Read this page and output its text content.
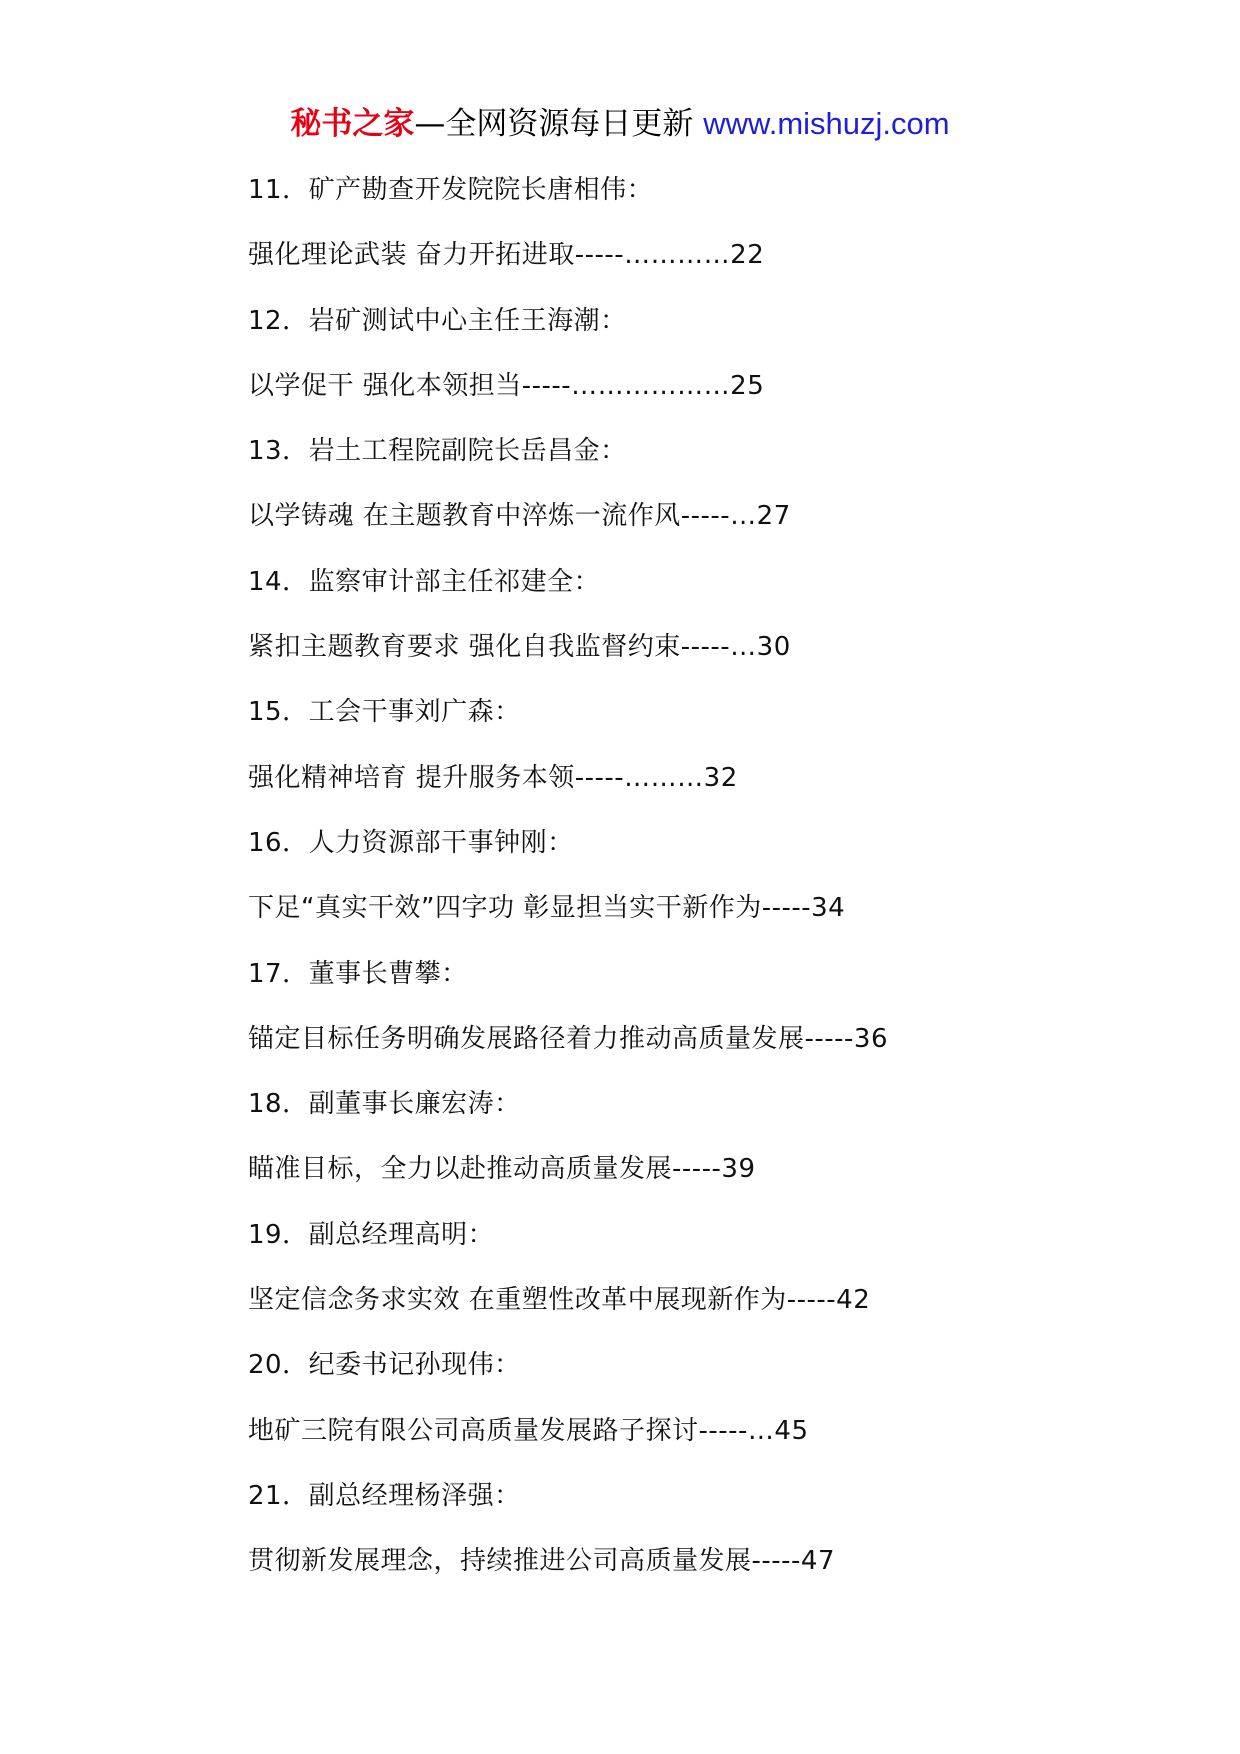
秘书之家—全网资源每日更新 www.mishuzj.com
11．矿产勘查开发院院长唐相伟：
强化理论武装 奋力开拓进取-----…………22
12．岩矿测试中心主任王海潮：
以学促干 强化本领担当-----………………25
13．岩土工程院副院长岳昌金：
以学铸魂 在主题教育中淬炼一流作风-----…27
14．监察审计部主任祁建全：
紧扣主题教育要求 强化自我监督约束-----…30
15．工会干事刘广森：
强化精神培育 提升服务本领-----………32
16．人力资源部干事钟刚：
下足“真实干效”四字功 彰显担当实干新作为-----34
17．董事长曹攀：
锚定目标任务明确发展路径着力推动高质量发展-----36
18．副董事长廉宏涛：
瞄准目标，全力以赴推动高质量发展-----39
19．副总经理高明：
坚定信念务求实效 在重塑性改革中展现新作为-----42
20．纪委书记孙现伟：
地矿三院有限公司高质量发展路子探讨-----…45
21．副总经理杨泽强：
贯彻新发展理念，持续推进公司高质量发展-----47
